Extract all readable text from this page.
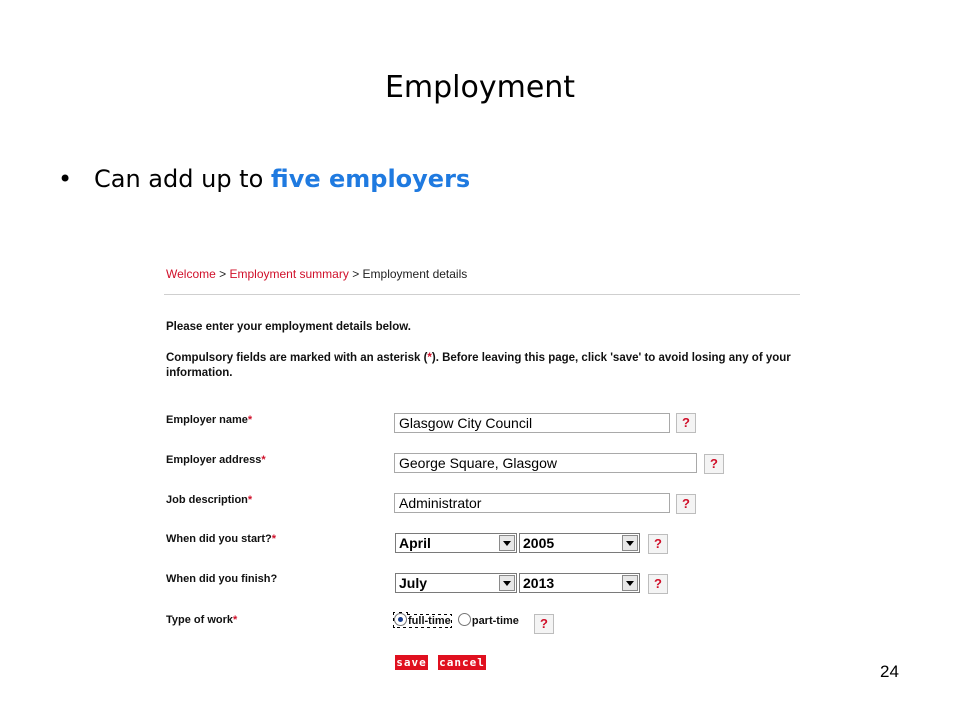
Employment
• Can add up to five employers
Welcome > Employment summary > Employment details
Please enter your employment details below.
Compulsory fields are marked with an asterisk (*). Before leaving this page, click 'save' to avoid losing any of your information.
Employer name*	Glasgow City Council	?
Employer address*	George Square, Glasgow	?
Job description*	Administrator	?
When did you start?*	April	2005	?
When did you finish?	July	2013	?
Type of work*	full-time part-time	?
save cancel	24
